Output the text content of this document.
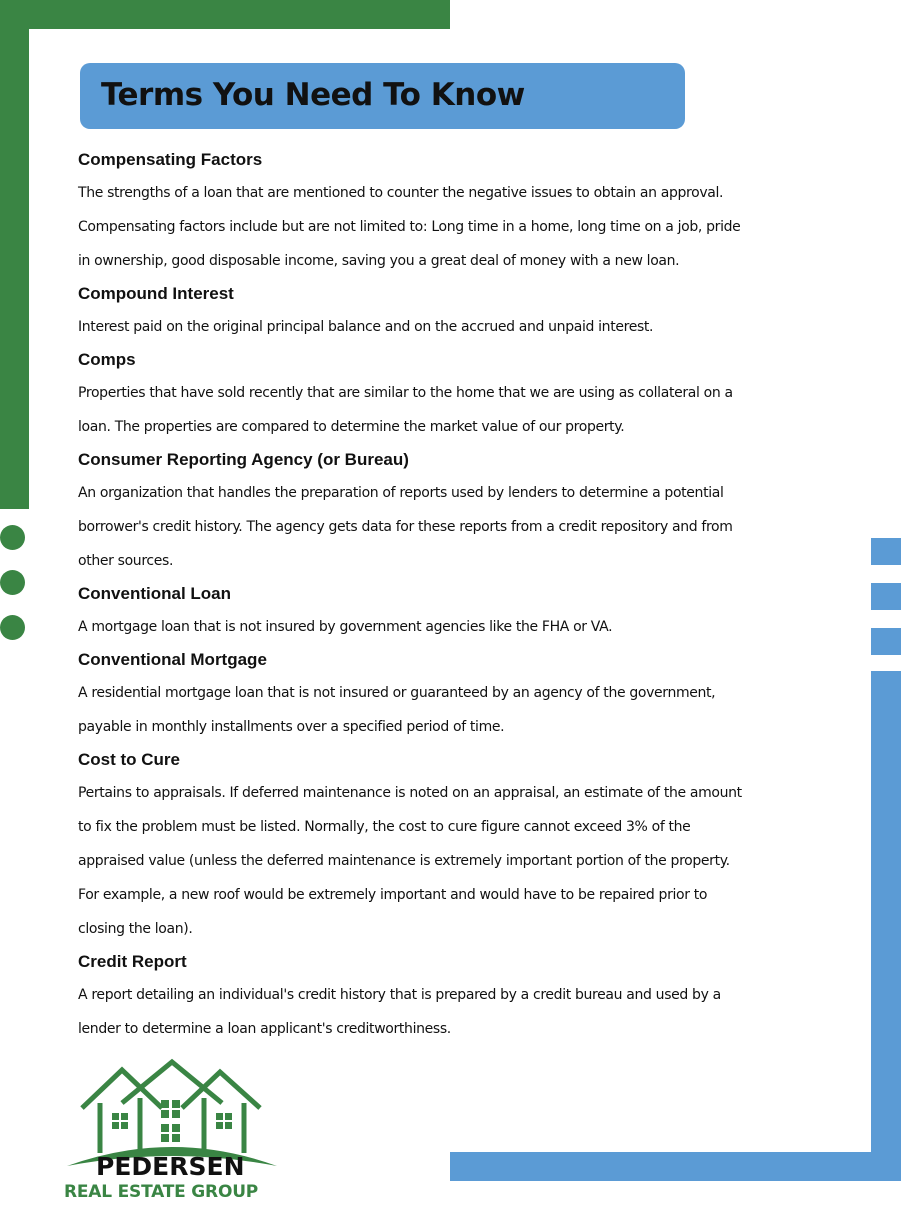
Terms You Need To Know
Compensating Factors
The strengths of a loan that are mentioned to counter the negative issues to obtain an approval.
Compensating factors include but are not limited to: Long time in a home, long time on a job, pride
in ownership, good disposable income, saving you a great deal of money with a new loan.
Compound Interest
Interest paid on the original principal balance and on the accrued and unpaid interest.
Comps
Properties that have sold recently that are similar to the home that we are using as collateral on a
loan. The properties are compared to determine the market value of our property.
Consumer Reporting Agency (or Bureau)
An organization that handles the preparation of reports used by lenders to determine a potential
borrower's credit history. The agency gets data for these reports from a credit repository and from
other sources.
Conventional Loan
A mortgage loan that is not insured by government agencies like the FHA or VA.
Conventional Mortgage
A residential mortgage loan that is not insured or guaranteed by an agency of the government,
payable in monthly installments over a specified period of time.
Cost to Cure
Pertains to appraisals. If deferred maintenance is noted on an appraisal, an estimate of the amount
to fix the problem must be listed. Normally, the cost to cure figure cannot exceed 3% of the
appraised value (unless the deferred maintenance is extremely important portion of the property.
For example, a new roof would be extremely important and would have to be repaired prior to
closing the loan).
Credit Report
A report detailing an individual's credit history that is prepared by a credit bureau and used by a
lender to determine a loan applicant's creditworthiness.
PEDERSEN
REAL ESTATE GROUP
